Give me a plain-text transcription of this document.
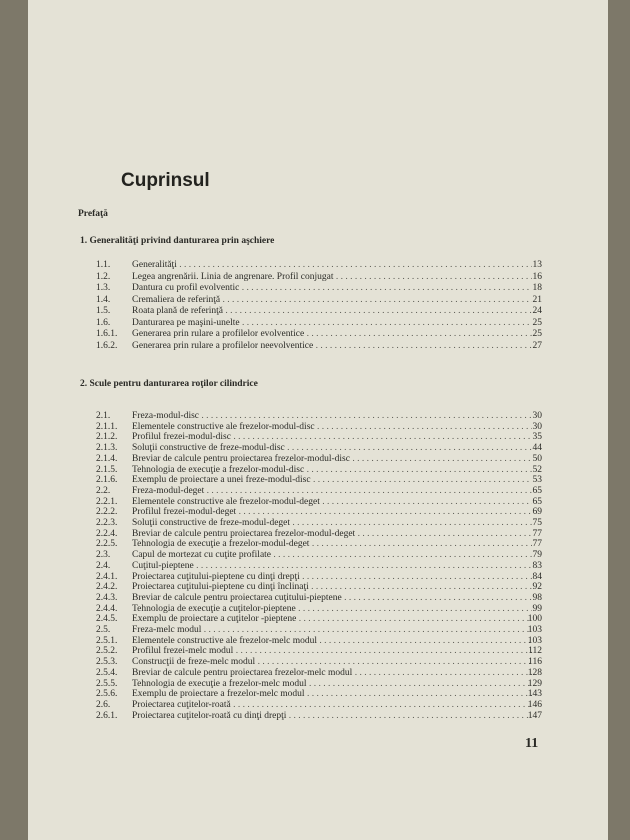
Cuprinsul
Prefaţă
1. Generalităţi privind danturarea prin aşchiere
1.1. Generalităţi . . .	13
1.2. Legea angrenării. Linia de angrenare. Profil conjugat . . .	16
1.3. Dantura cu profil evolventic . . .	18
1.4. Cremaliera de referinţă . . .	21
1.5. Roata plană de referinţă . . .	24
1.6. Danturarea pe maşini-unelte . . .	25
1.6.1. Generarea prin rulare a profilelor evolventice . . .	25
1.6.2. Generarea prin rulare a profilelor neevolventice . . .	27
2. Scule pentru danturarea roţilor cilindrice
2.1. Freza-modul-disc . . .	30
2.1.1. Elementele constructive ale frezelor-modul-disc . . .	30
2.1.2. Profilul frezei-modul-disc . . .	35
2.1.3. Soluţii constructive de freze-modul-disc . . .	44
2.1.4. Breviar de calcule pentru proiectarea frezelor-modul-disc . . .	50
2.1.5. Tehnologia de execuţie a frezelor-modul-disc . . .	52
2.1.6. Exemplu de proiectare a unei freze-modul-disc . . .	53
2.2. Freza-modul-deget . . .	65
2.2.1. Elementele constructive ale frezelor-modul-deget . . .	65
2.2.2. Profilul frezei-modul-deget . . .	69
2.2.3. Soluţii constructive de freze-modul-deget . . .	75
2.2.4. Breviar de calcule pentru proiectarea frezelor-modul-deget . . .	77
2.2.5. Tehnologia de execuţie a frezelor-modul-deget . . .	77
2.3. Capul de mortezat cu cuţite profilate . . .	79
2.4. Cuţitul-pieptene . . .	83
2.4.1. Proiectarea cuţitului-pieptene cu dinţi drepţi . . .	84
2.4.2. Proiectarea cuţitului-pieptene cu dinţi înclinaţi . . .	92
2.4.3. Breviar de calcule pentru proiectarea cuţitului-pieptene . . .	98
2.4.4. Tehnologia de execuţie a cuţitelor-pieptene . . .	99
2.4.5. Exemplu de proiectare a cuţitelor -pieptene . . .	100
2.5. Freza-melc modul . . .	103
2.5.1. Elementele constructive ale frezelor-melc modul . . .	103
2.5.2. Profilul frezei-melc modul . . .	112
2.5.3. Construcţii de freze-melc modul . . .	116
2.5.4. Breviar de calcule pentru proiectarea frezelor-melc modul . . .	128
2.5.5. Tehnologia de execuţie a frezelor-melc modul . . .	129
2.5.6. Exemplu de proiectare a frezelor-melc modul . . .	143
2.6. Proiectarea cuţitelor-roată . . .	146
2.6.1. Proiectarea cuţitelor-roată cu dinţi drepţi . . .	147
11
